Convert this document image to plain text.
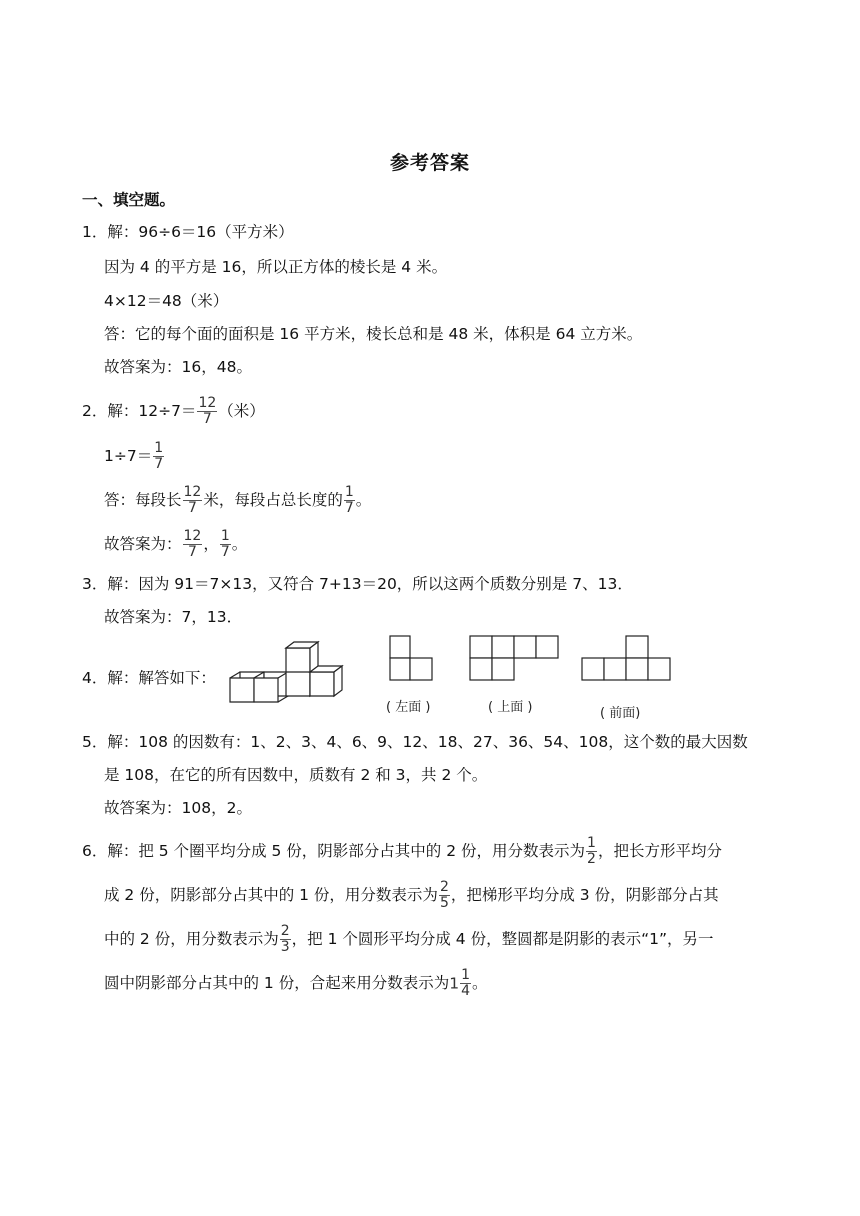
参考答案
一、填空题。
1．解：96÷6＝16（平方米）
因为 4 的平方是 16，所以正方体的棱长是 4 米。
4×12＝48（米）
答：它的每个面的面积是 16 平方米，棱长总和是 48 米，体积是 64 立方米。
故答案为：16，48。
2．解：$12\div 7= \frac{12}{7}$ （米）
$1\div 7= \frac{1}{7}$
答：每段长 $\frac{12}{7}$ 米，每段占总长度的 $\frac{1}{7}$ 。
故答案为： $\frac{12}{7}$ ， $\frac{1}{7}$ 。
3．解：因为 91＝7×13，又符合 7+13＝20，所以这两个质数分别是 7、13．
故答案为：7，13．
4．解：解答如下：
( 左面 )	( 上面 )	( 前面)
5．解：108 的因数有：1、2、3、4、6、9、12、18、27、36、54、108，这个数的最大因数
是 108，在它的所有因数中，质数有 2 和 3，共 2 个。
故答案为：108，2。
6．解：把 5 个圈平均分成 5 份，阴影部分占其中的 2 份，用分数表示为 $\frac{1}{2}$ ，把长方形平均分
成 2 份，阴影部分占其中的 1 份，用分数表示为 $\frac{2}{5}$ ，把梯形平均分成 3 份，阴影部分占其
中的 2 份，用分数表示为 $\frac{2}{3}$ ，把 1 个圆形平均分成 4 份，整圆都是阴影的表示“1”，另一
圆中阴影部分占其中的 1 份，合起来用分数表示为$1 \frac{1}{4}$ 。
